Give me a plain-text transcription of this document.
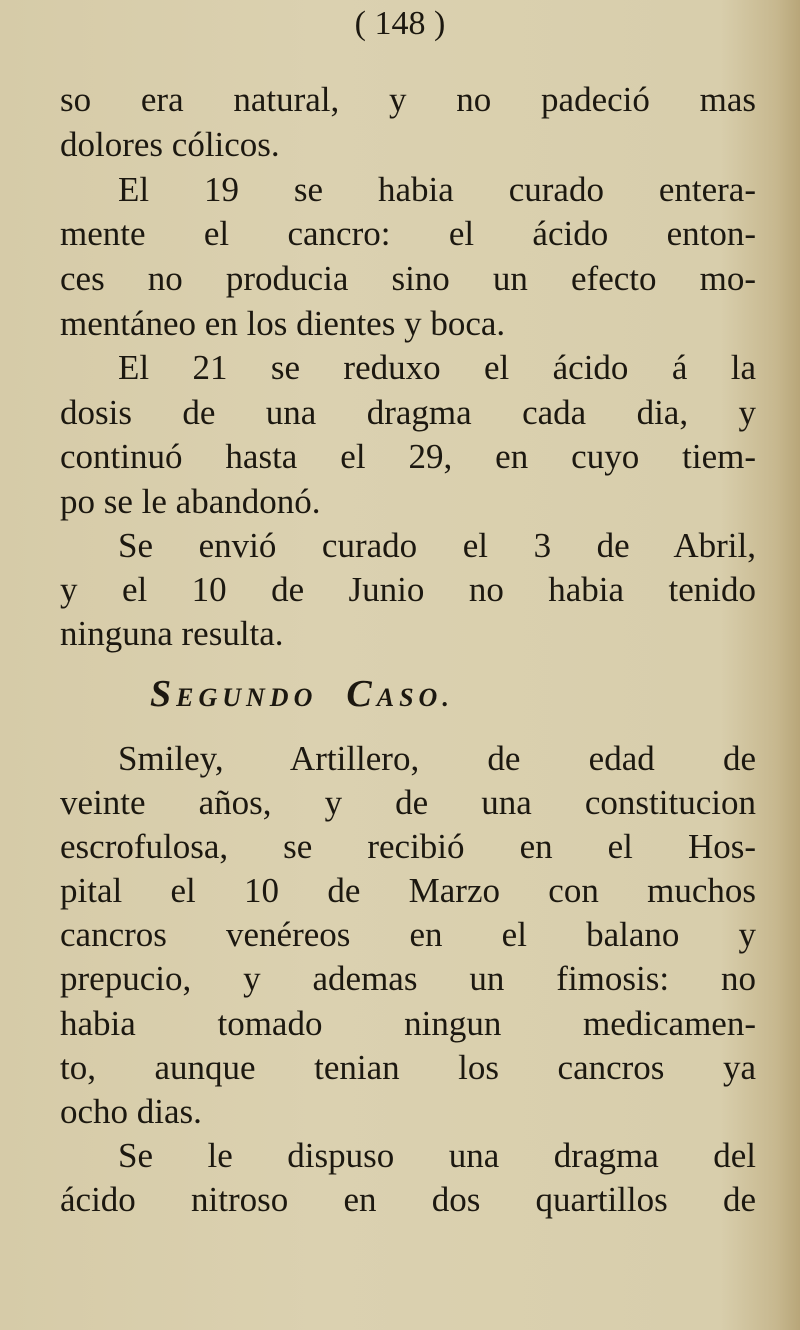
( 148 )
so era natural, y no padeció mas
dolores cólicos.
El 19 se habia curado entera-
mente el cancro: el ácido enton-
ces no producia sino un efecto mo-
mentáneo en los dientes y boca.
El 21 se reduxo el ácido á la
dosis de una dragma cada dia, y
continuó hasta el 29, en cuyo tiem-
po se le abandonó.
Se envió curado el 3 de Abril,
y el 10 de Junio no habia tenido
ninguna resulta.
SEGUNDO CASO.
Smiley, Artillero, de edad de
veinte años, y de una constitucion
escrofulosa, se recibió en el Hos-
pital el 10 de Marzo con muchos
cancros venéreos en el balano y
prepucio, y ademas un fimosis: no
habia tomado ningun medicamen-
to, aunque tenian los cancros ya
ocho dias.
Se le dispuso una dragma del
ácido nitroso en dos quartillos de
